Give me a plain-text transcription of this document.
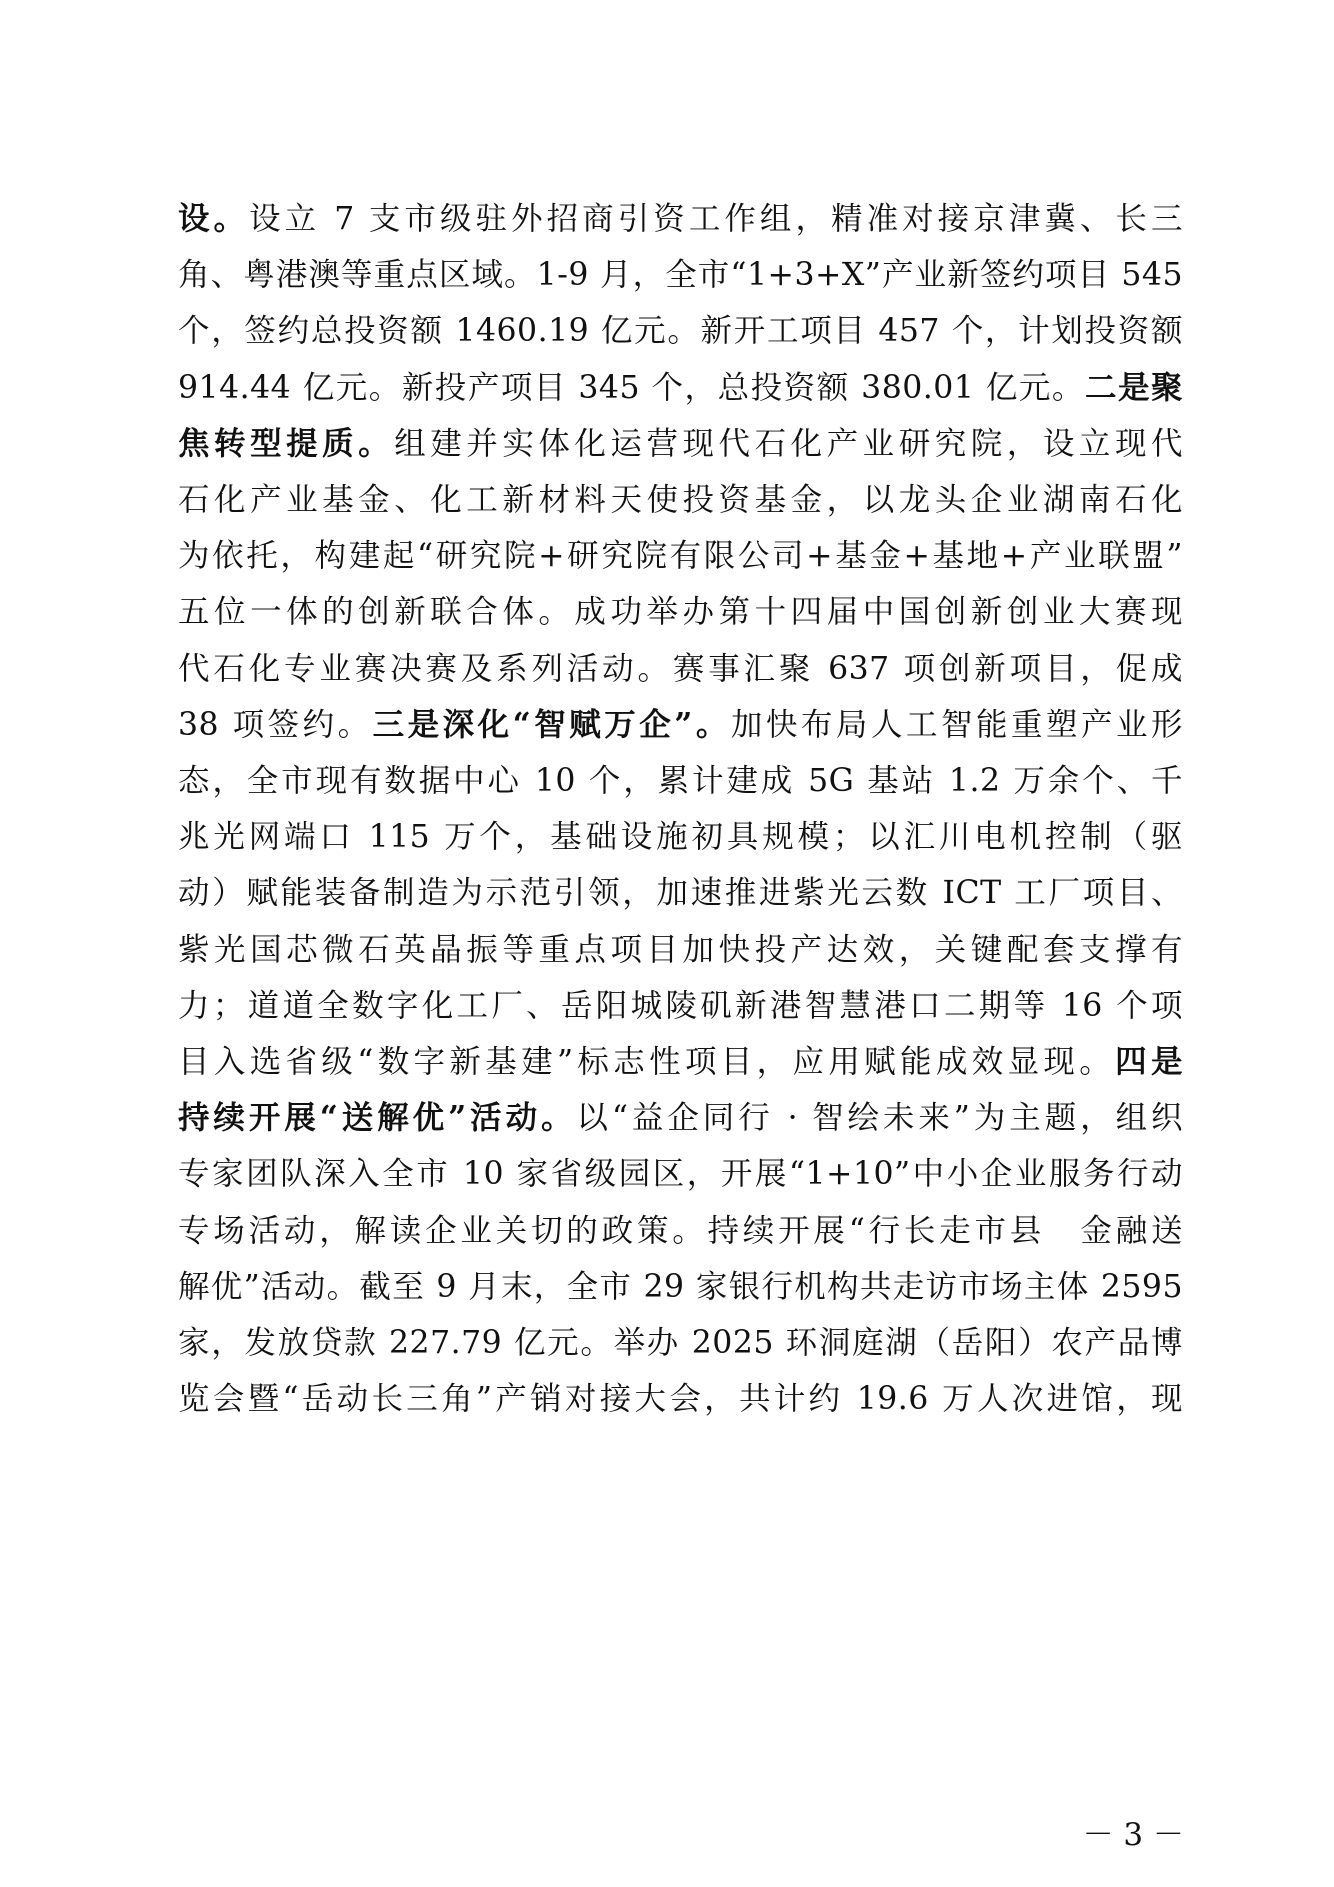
设。设立 7 支市级驻外招商引资工作组，精准对接京津冀、长三
角、粤港澳等重点区域。1-9 月，全市“1+3+X”产业新签约项目 545
个，签约总投资额 1460.19 亿元。新开工项目 457 个，计划投资额
914.44 亿元。新投产项目 345 个，总投资额 380.01 亿元。二是聚
焦转型提质。组建并实体化运营现代石化产业研究院，设立现代
石化产业基金、化工新材料天使投资基金，以龙头企业湖南石化
为依托，构建起“研究院+研究院有限公司+基金+基地+产业联盟”
五位一体的创新联合体。成功举办第十四届中国创新创业大赛现
代石化专业赛决赛及系列活动。赛事汇聚 637 项创新项目，促成
38 项签约。三是深化“智赋万企”。加快布局人工智能重塑产业形
态，全市现有数据中心 10 个，累计建成 5G 基站 1.2 万余个、千
兆光网端口 115 万个，基础设施初具规模；以汇川电机控制（驱
动）赋能装备制造为示范引领，加速推进紫光云数 ICT 工厂项目、
紫光国芯微石英晶振等重点项目加快投产达效，关键配套支撑有
力；道道全数字化工厂、岳阳城陵矶新港智慧港口二期等 16 个项
目入选省级“数字新基建”标志性项目，应用赋能成效显现。四是
持续开展“送解优”活动。以“益企同行 · 智绘未来”为主题，组织
专家团队深入全市 10 家省级园区，开展“1+10”中小企业服务行动
专场活动，解读企业关切的政策。持续开展“行长走市县　金融送
解优”活动。截至 9 月末，全市 29 家银行机构共走访市场主体 2595
家，发放贷款 227.79 亿元。举办 2025 环洞庭湖（岳阳）农产品博
览会暨“岳动长三角”产销对接大会，共计约 19.6 万人次进馆，现
－ 3 －
